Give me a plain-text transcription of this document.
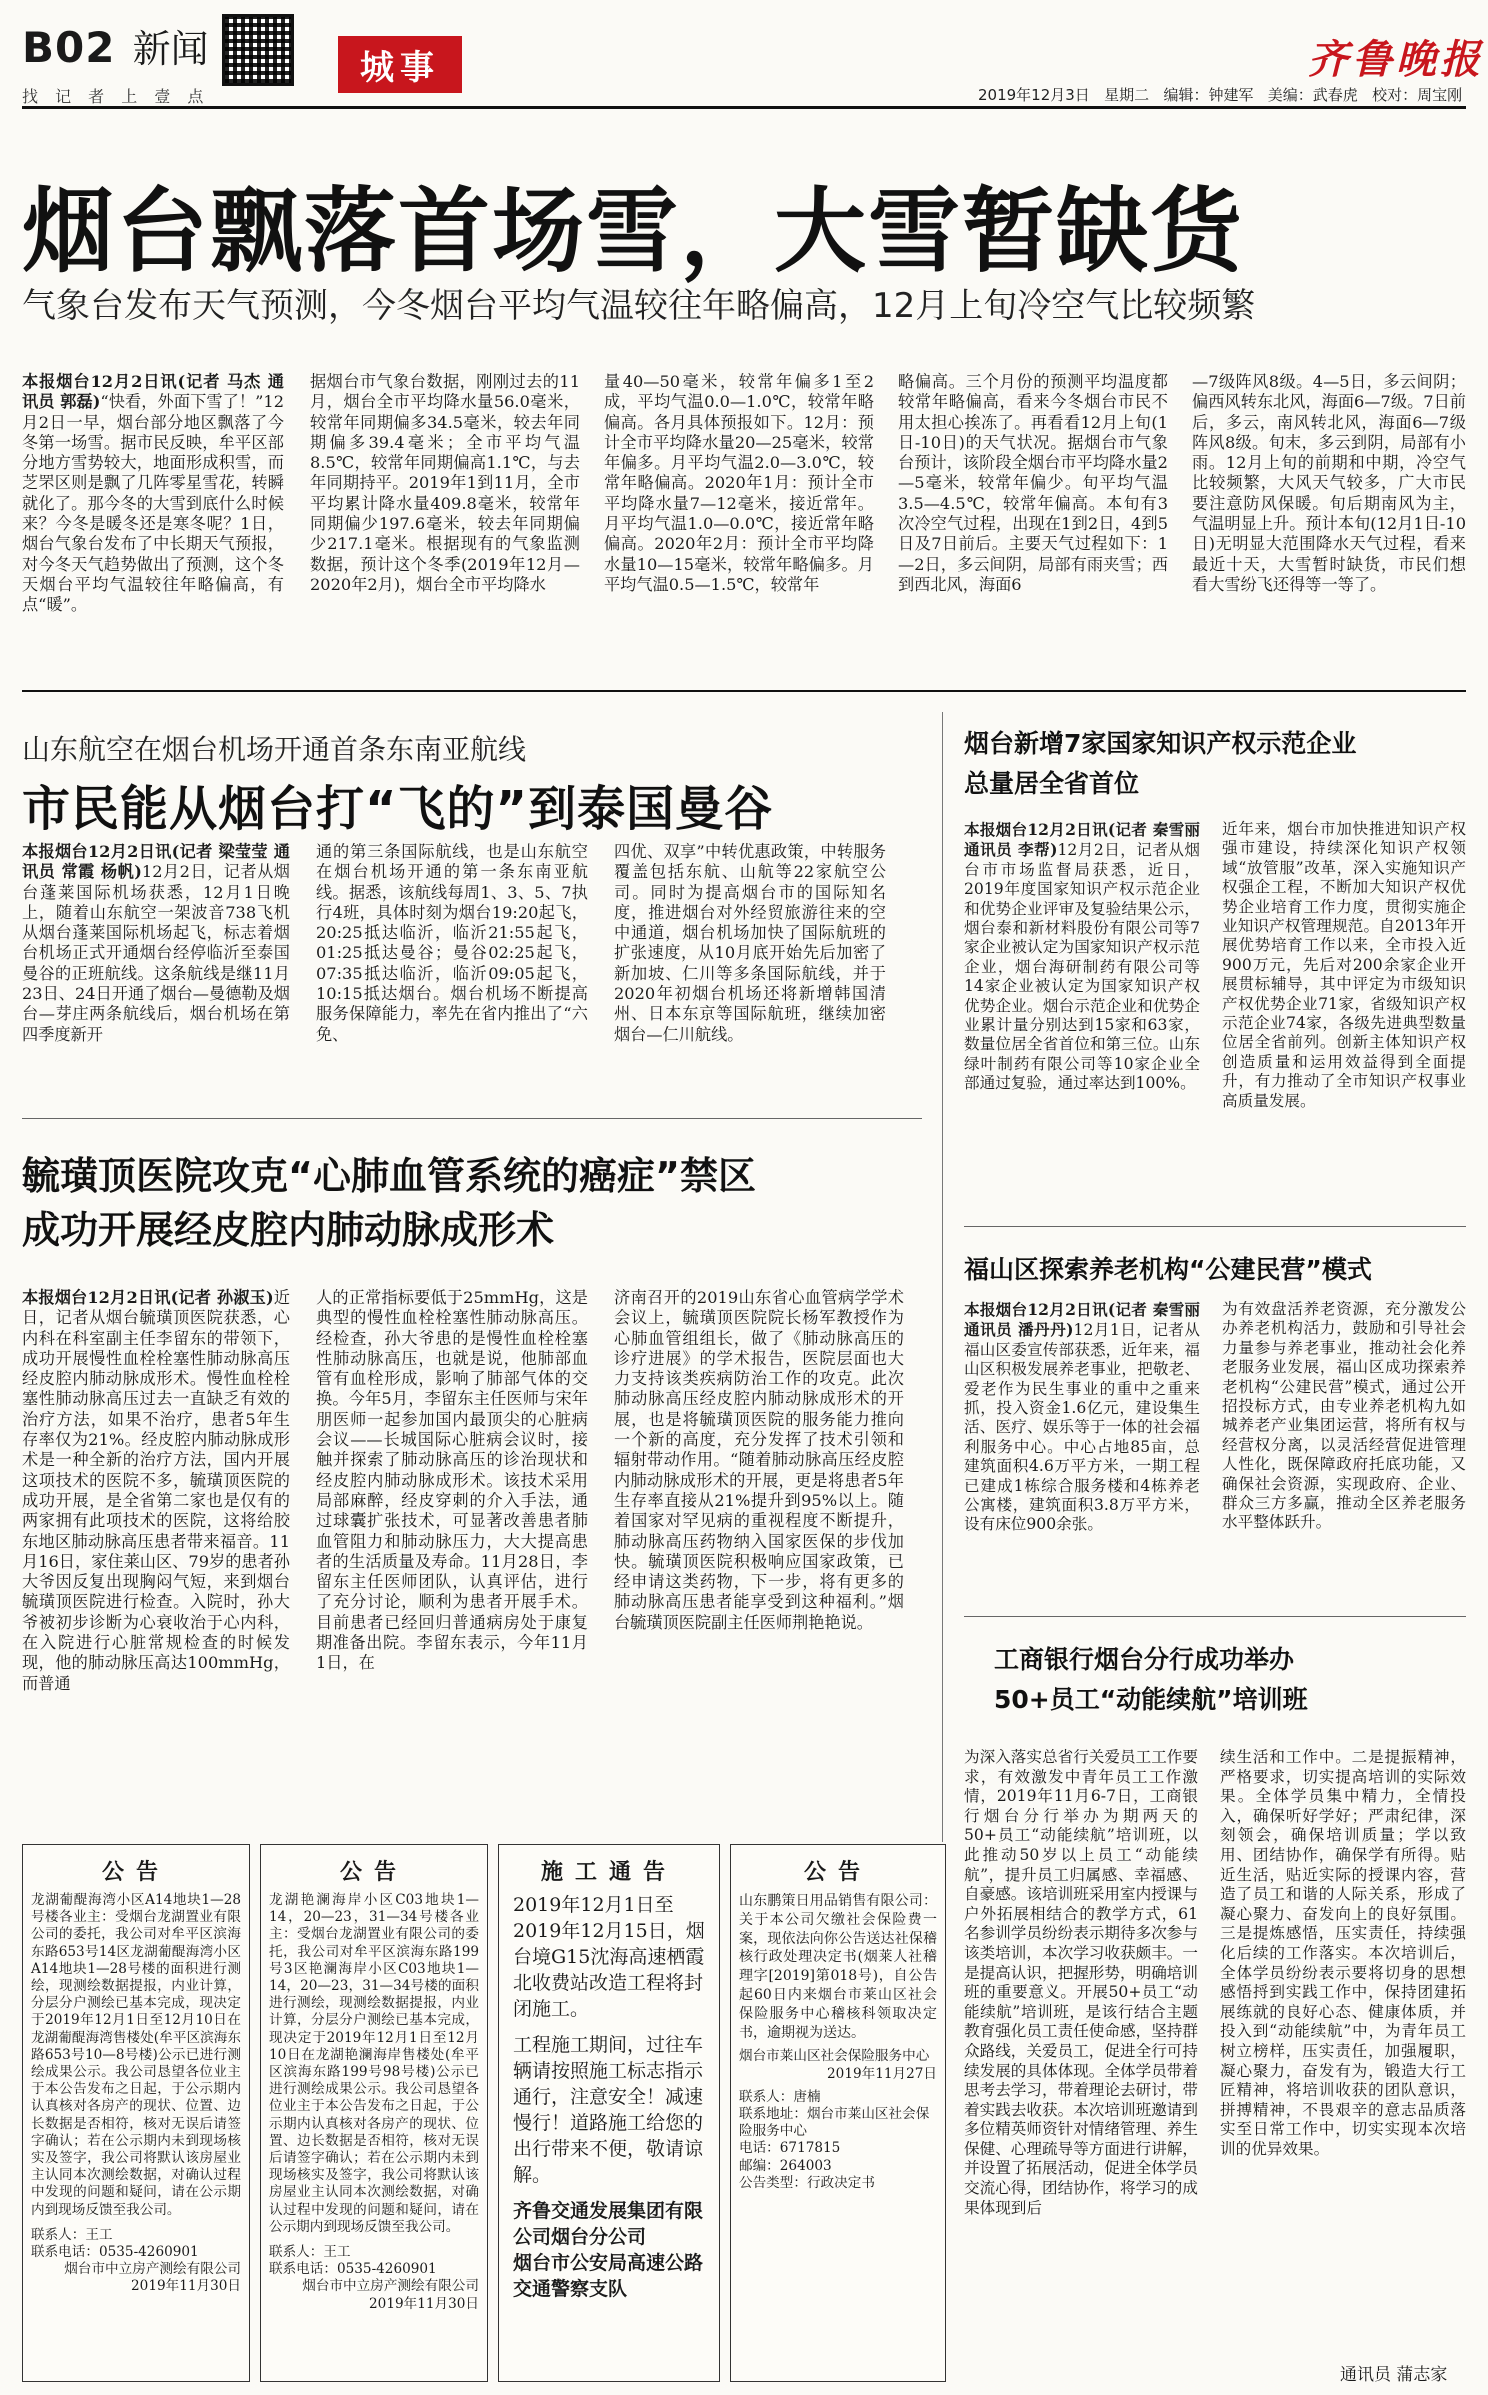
B02 新闻
找 记 者 上 壹 点
城事	齐鲁晚报
2019年12月3日 星期二 编辑：钟建军 美编：武春虎 校对：周宝刚
烟台飘落首场雪，大雪暂缺货
气象台发布天气预测，今冬烟台平均气温较往年略偏高，12月上旬冷空气比较频繁
本报烟台12月2日讯(记者 马杰 通讯员 郭磊)“快看，外面下雪了！”12月2日一早，烟台部分地区飘落了今冬第一场雪。据市民反映，牟平区部分地方雪势较大，地面形成积雪，而芝罘区则是飘了几阵零星雪花，转瞬就化了。那今冬的大雪到底什么时候来？今冬是暖冬还是寒冬呢？1日，烟台气象台发布了中长期天气预报，对今冬天气趋势做出了预测，这个冬天烟台平均气温较往年略偏高，有点“暖”。
据烟台市气象台数据，刚刚过去的11月，烟台全市平均降水量56.0毫米，较常年同期偏多34.5毫米，较去年同期偏多39.4毫米；全市平均气温8.5℃，较常年同期偏高1.1℃，与去年同期持平。2019年1到11月，全市平均累计降水量409.8毫米，较常年同期偏少197.6毫米，较去年同期偏少217.1毫米。根据现有的气象监测数据，预计这个冬季(2019年12月—2020年2月)，烟台全市平均降水
量40—50毫米，较常年偏多1至2成，平均气温0.0—1.0℃，较常年略偏高。各月具体预报如下。12月：预计全市平均降水量20—25毫米，较常年偏多。月平均气温2.0—3.0℃，较常年略偏高。2020年1月：预计全市平均降水量7—12毫米，接近常年。月平均气温1.0—0.0℃，接近常年略偏高。2020年2月：预计全市平均降水量10—15毫米，较常年略偏多。月平均气温0.5—1.5℃，较常年
略偏高。三个月份的预测平均温度都较常年略偏高，看来今冬烟台市民不用太担心挨冻了。再看看12月上旬(1日-10日)的天气状况。据烟台市气象台预计，该阶段全烟台市平均降水量2—5毫米，较常年偏少。旬平均气温3.5—4.5℃，较常年偏高。本旬有3次冷空气过程，出现在1到2日，4到5日及7日前后。主要天气过程如下：1—2日，多云间阴，局部有雨夹雪；西到西北风，海面6
—7级阵风8级。4—5日，多云间阴；偏西风转东北风，海面6—7级。7日前后，多云，南风转北风，海面6—7级阵风8级。旬末，多云到阴，局部有小雨。12月上旬的前期和中期，冷空气比较频繁，大风天气较多，广大市民要注意防风保暖。旬后期南风为主，气温明显上升。预计本旬(12月1日-10日)无明显大范围降水天气过程，看来最近十天，大雪暂时缺货，市民们想看大雪纷飞还得等一等了。
山东航空在烟台机场开通首条东南亚航线
市民能从烟台打“飞的”到泰国曼谷
本报烟台12月2日讯(记者 梁莹莹 通讯员 常霞 杨帆)12月2日，记者从烟台蓬莱国际机场获悉，12月1日晚上，随着山东航空一架波音738飞机从烟台蓬莱国际机场起飞，标志着烟台机场正式开通烟台经停临沂至泰国曼谷的正班航线。这条航线是继11月23日、24日开通了烟台—曼德勒及烟台—芽庄两条航线后，烟台机场在第四季度新开
通的第三条国际航线，也是山东航空在烟台机场开通的第一条东南亚航线。据悉，该航线每周1、3、5、7执行4班，具体时刻为烟台19:20起飞，20:25抵达临沂，临沂21:55起飞，01:25抵达曼谷；曼谷02:25起飞，07:35抵达临沂，临沂09:05起飞，10:15抵达烟台。烟台机场不断提高服务保障能力，率先在省内推出了“六免、
四优、双享”中转优惠政策，中转服务覆盖包括东航、山航等22家航空公司。同时为提高烟台市的国际知名度，推进烟台对外经贸旅游往来的空中通道，烟台机场加快了国际航班的扩张速度，从10月底开始先后加密了新加坡、仁川等多条国际航线，并于2020年初烟台机场还将新增韩国清州、日本东京等国际航班，继续加密烟台—仁川航线。
毓璜顶医院攻克“心肺血管系统的癌症”禁区
成功开展经皮腔内肺动脉成形术
本报烟台12月2日讯(记者 孙淑玉)近日，记者从烟台毓璜顶医院获悉，心内科在科室副主任李留东的带领下，成功开展慢性血栓栓塞性肺动脉高压经皮腔内肺动脉成形术。慢性血栓栓塞性肺动脉高压过去一直缺乏有效的治疗方法，如果不治疗，患者5年生存率仅为21%。经皮腔内肺动脉成形术是一种全新的治疗方法，国内开展这项技术的医院不多，毓璜顶医院的成功开展，是全省第二家也是仅有的两家拥有此项技术的医院，这将给胶东地区肺动脉高压患者带来福音。11月16日，家住莱山区、79岁的患者孙大爷因反复出现胸闷气短，来到烟台毓璜顶医院进行检查。入院时，孙大爷被初步诊断为心衰收治于心内科，在入院进行心脏常规检查的时候发现，他的肺动脉压高达100mmHg，而普通
人的正常指标要低于25mmHg，这是典型的慢性血栓栓塞性肺动脉高压。经检查，孙大爷患的是慢性血栓栓塞性肺动脉高压，也就是说，他肺部血管有血栓形成，影响了肺部气体的交换。今年5月，李留东主任医师与宋年朋医师一起参加国内最顶尖的心脏病会议——长城国际心脏病会议时，接触并探索了肺动脉高压的诊治现状和经皮腔内肺动脉成形术。该技术采用局部麻醉，经皮穿刺的介入手法，通过球囊扩张技术，可显著改善患者肺血管阻力和肺动脉压力，大大提高患者的生活质量及寿命。11月28日，李留东主任医师团队，认真评估，进行了充分讨论，顺利为患者开展手术。目前患者已经回归普通病房处于康复期准备出院。李留东表示，今年11月1日，在
济南召开的2019山东省心血管病学学术会议上，毓璜顶医院院长杨军教授作为心肺血管组组长，做了《肺动脉高压的诊疗进展》的学术报告，医院层面也大力支持该类疾病防治工作的攻克。此次肺动脉高压经皮腔内肺动脉成形术的开展，也是将毓璜顶医院的服务能力推向一个新的高度，充分发挥了技术引领和辐射带动作用。“随着肺动脉高压经皮腔内肺动脉成形术的开展，更是将患者5年生存率直接从21%提升到95%以上。随着国家对罕见病的重视程度不断提升，肺动脉高压药物纳入国家医保的步伐加快。毓璜顶医院积极响应国家政策，已经申请这类药物，下一步，将有更多的肺动脉高压患者能享受到这种福利。”烟台毓璜顶医院副主任医师荆艳艳说。
烟台新增7家国家知识产权示范企业
总量居全省首位
本报烟台12月2日讯(记者 秦雪丽 通讯员 李帮)12月2日，记者从烟台市市场监督局获悉，近日，2019年度国家知识产权示范企业和优势企业评审及复验结果公示，烟台泰和新材料股份有限公司等7家企业被认定为国家知识产权示范企业，烟台海研制药有限公司等14家企业被认定为国家知识产权优势企业。烟台示范企业和优势企业累计量分别达到15家和63家，数量位居全省首位和第三位。山东绿叶制药有限公司等10家企业全部通过复验，通过率达到100%。
近年来，烟台市加快推进知识产权强市建设，持续深化知识产权领域“放管服”改革，深入实施知识产权强企工程，不断加大知识产权优势企业培育工作力度，贯彻实施企业知识产权管理规范。自2013年开展优势培育工作以来，全市投入近900万元，先后对200余家企业开展贯标辅导，其中评定为市级知识产权优势企业71家，省级知识产权示范企业74家，各级先进典型数量位居全省前列。创新主体知识产权创造质量和运用效益得到全面提升，有力推动了全市知识产权事业高质量发展。
福山区探索养老机构“公建民营”模式
本报烟台12月2日讯(记者 秦雪丽 通讯员 潘丹丹)12月1日，记者从福山区委宣传部获悉，近年来，福山区积极发展养老事业，把敬老、爱老作为民生事业的重中之重来抓，投入资金1.6亿元，建设集生活、医疗、娱乐等于一体的社会福利服务中心。中心占地85亩，总建筑面积4.6万平方米，一期工程已建成1栋综合服务楼和4栋养老公寓楼，建筑面积3.8万平方米，设有床位900余张。
为有效盘活养老资源，充分激发公办养老机构活力，鼓励和引导社会力量参与养老事业，推动社会化养老服务业发展，福山区成功探索养老机构“公建民营”模式，通过公开招投标方式，由专业养老机构九如城养老产业集团运营，将所有权与经营权分离，以灵活经营促进管理人性化，既保障政府托底功能，又确保社会资源，实现政府、企业、群众三方多赢，推动全区养老服务水平整体跃升。
工商银行烟台分行成功举办
50+员工“动能续航”培训班
为深入落实总省行关爱员工工作要求，有效激发中青年员工工作激情，2019年11月6-7日，工商银行烟台分行举办为期两天的50+员工“动能续航”培训班，以此推动50岁以上员工“动能续航”，提升员工归属感、幸福感、自豪感。该培训班采用室内授课与户外拓展相结合的教学方式，61名参训学员纷纷表示期待多次参与该类培训，本次学习收获颇丰。一是提高认识，把握形势，明确培训班的重要意义。开展50+员工“动能续航”培训班，是该行结合主题教育强化员工责任使命感，坚持群众路线，关爱员工，促进全行可持续发展的具体体现。全体学员带着思考去学习，带着理论去研讨，带着实践去收获。本次培训班邀请到多位精英师资针对情绪管理、养生保健、心理疏导等方面进行讲解，并设置了拓展活动，促进全体学员交流心得，团结协作，将学习的成果体现到后
续生活和工作中。二是提振精神，严格要求，切实提高培训的实际效果。全体学员集中精力，全情投入，确保听好学好；严肃纪律，深刻领会，确保培训质量；学以致用、团结协作，确保学有所得。贴近生活，贴近实际的授课内容，营造了员工和谐的人际关系，形成了凝心聚力、奋发向上的良好氛围。三是提炼感悟，压实责任，持续强化后续的工作落实。本次培训后，全体学员纷纷表示要将切身的思想感悟捋到实践工作中，保持团建拓展练就的良好心态、健康体质，并投入到“动能续航”中，为青年员工树立榜样，压实责任，加强履职，凝心聚力，奋发有为，锻造大行工匠精神，将培训收获的团队意识，拼搏精神，不畏艰辛的意志品质落实至日常工作中，切实实现本次培训的优异效果。
通讯员 蒲志家
公告
龙湖葡醍海湾小区A14地块1—28号楼各业主：受烟台龙湖置业有限公司的委托，我公司对牟平区滨海东路653号14区龙湖葡醍海湾小区A14地块1—28号楼的面积进行测绘，现测绘数据提报，内业计算，分层分户测绘已基本完成，现决定于2019年12月1日至12月10日在龙湖葡醍海湾售楼处(牟平区滨海东路653号10—8号楼)公示已进行测绘成果公示。我公司恳望各位业主于本公告发布之日起，于公示期内认真核对各房产的现状、位置、边长数据是否相符，核对无误后请签字确认；若在公示期内未到现场核实及签字，我公司将默认该房屋业主认同本次测绘数据，对确认过程中发现的问题和疑问，请在公示期内到现场反馈至我公司。
联系人：王工
联系电话：0535-4260901
烟台市中立房产测绘有限公司
2019年11月30日
公告
龙湖艳澜海岸小区C03地块1—14，20—23，31—34号楼各业主：受烟台龙湖置业有限公司的委托，我公司对牟平区滨海东路199号3区艳澜海岸小区C03地块1—14，20—23，31—34号楼的面积进行测绘，现测绘数据提报，内业计算，分层分户测绘已基本完成，现决定于2019年12月1日至12月10日在龙湖艳澜海岸售楼处(牟平区滨海东路199号98号楼)公示已进行测绘成果公示。我公司恳望各位业主于本公告发布之日起，于公示期内认真核对各房产的现状、位置、边长数据是否相符，核对无误后请签字确认；若在公示期内未到现场核实及签字，我公司将默认该房屋业主认同本次测绘数据，对确认过程中发现的问题和疑问，请在公示期内到现场反馈至我公司。
联系人：王工
联系电话：0535-4260901
烟台市中立房产测绘有限公司
2019年11月30日
施工通告
2019年12月1日至2019年12月15日，烟台境G15沈海高速栖霞北收费站改造工程将封闭施工。
工程施工期间，过往车辆请按照施工标志指示通行，注意安全！减速慢行！道路施工给您的出行带来不便，敬请谅解。
齐鲁交通发展集团有限公司烟台分公司
烟台市公安局高速公路交通警察支队
公告
山东鹏策日用品销售有限公司：关于本公司欠缴社会保险费一案，现依法向你公告送达社保稽核行政处理决定书(烟莱人社稽理字[2019]第018号)，自公告起60日内来烟台市莱山区社会保险服务中心稽核科领取决定书，逾期视为送达。
烟台市莱山区社会保险服务中心
2019年11月27日
联系人：唐楠
联系地址：烟台市莱山区社会保险服务中心
电话：6717815
邮编：264003
公告类型：行政决定书
